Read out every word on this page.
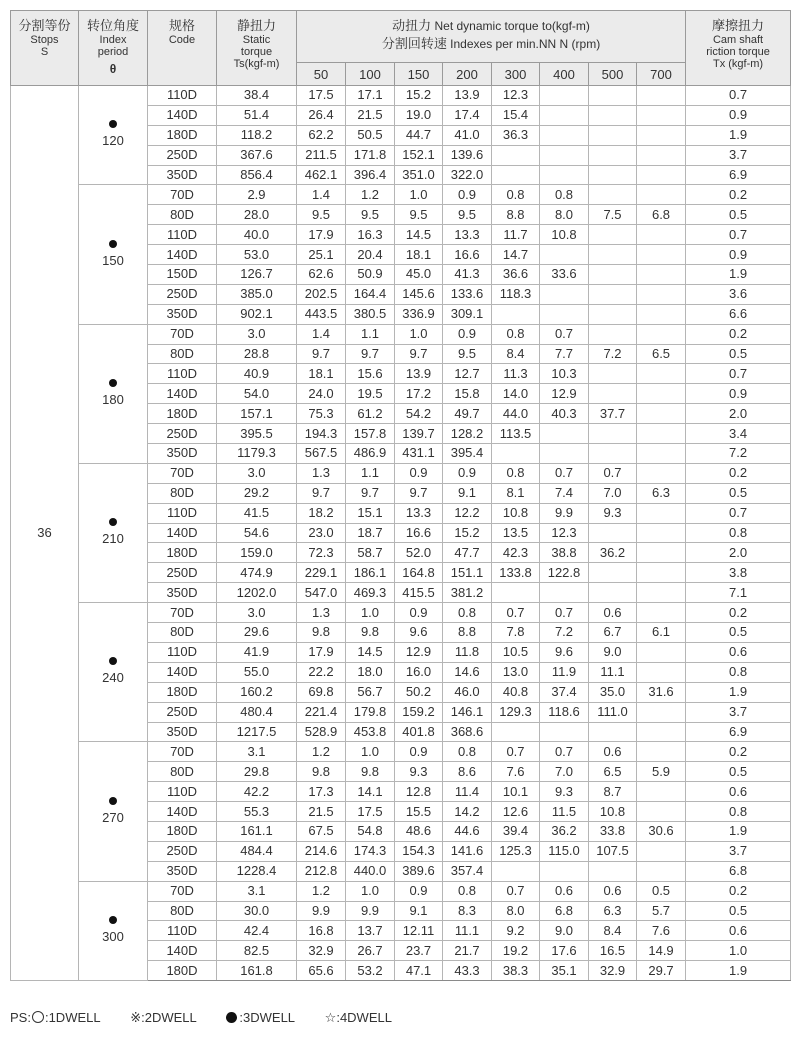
分割等份
Stops
S	转位角度
Index
period
θ	规格
Code	静扭力
Static
torque
Ts(kgf-m)	动扭力 Net dynamic torque to(kgf-m)
分割回转速 Indexes per min.NN N (rpm)								摩擦扭力
Cam shaft
riction torque
Tx (kgf-m)

				50	100	150	200	300	400	500	700	
36	120	110D	38.4	17.5	17.1	15.2	13.9	12.3				0.7
		140D	51.4	26.4	21.5	19.0	17.4	15.4				0.9
		180D	118.2	62.2	50.5	44.7	41.0	36.3				1.9
		250D	367.6	211.5	171.8	152.1	139.6					3.7
		350D	856.4	462.1	396.4	351.0	322.0					6.9

150	70D	2.9	1.4	1.2	1.0	0.9	0.8	0.8			0.2
		80D	28.0	9.5	9.5	9.5	9.5	8.8	8.0	7.5	6.8	0.5
		110D	40.0	17.9	16.3	14.5	13.3	11.7	10.8			0.7
		140D	53.0	25.1	20.4	18.1	16.6	14.7				0.9
		150D	126.7	62.6	50.9	45.0	41.3	36.6	33.6			1.9
		250D	385.0	202.5	164.4	145.6	133.6	118.3				3.6
		350D	902.1	443.5	380.5	336.9	309.1					6.6

180	70D	3.0	1.4	1.1	1.0	0.9	0.8	0.7			0.2
		80D	28.8	9.7	9.7	9.7	9.5	8.4	7.7	7.2	6.5	0.5
		110D	40.9	18.1	15.6	13.9	12.7	11.3	10.3			0.7
		140D	54.0	24.0	19.5	17.2	15.8	14.0	12.9			0.9
		180D	157.1	75.3	61.2	54.2	49.7	44.0	40.3	37.7		2.0
		250D	395.5	194.3	157.8	139.7	128.2	113.5				3.4
		350D	1179.3	567.5	486.9	431.1	395.4					7.2

210	70D	3.0	1.3	1.1	0.9	0.9	0.8	0.7	0.7		0.2
		80D	29.2	9.7	9.7	9.7	9.1	8.1	7.4	7.0	6.3	0.5
		110D	41.5	18.2	15.1	13.3	12.2	10.8	9.9	9.3		0.7
		140D	54.6	23.0	18.7	16.6	15.2	13.5	12.3			0.8
		180D	159.0	72.3	58.7	52.0	47.7	42.3	38.8	36.2		2.0
		250D	474.9	229.1	186.1	164.8	151.1	133.8	122.8			3.8
		350D	1202.0	547.0	469.3	415.5	381.2					7.1

240	70D	3.0	1.3	1.0	0.9	0.8	0.7	0.7	0.6		0.2
		80D	29.6	9.8	9.8	9.6	8.8	7.8	7.2	6.7	6.1	0.5
		110D	41.9	17.9	14.5	12.9	11.8	10.5	9.6	9.0		0.6
		140D	55.0	22.2	18.0	16.0	14.6	13.0	11.9	11.1		0.8
		180D	160.2	69.8	56.7	50.2	46.0	40.8	37.4	35.0	31.6	1.9
		250D	480.4	221.4	179.8	159.2	146.1	129.3	118.6	111.0		3.7
		350D	1217.5	528.9	453.8	401.8	368.6					6.9

270	70D	3.1	1.2	1.0	0.9	0.8	0.7	0.7	0.6		0.2
		80D	29.8	9.8	9.8	9.3	8.6	7.6	7.0	6.5	5.9	0.5
		110D	42.2	17.3	14.1	12.8	11.4	10.1	9.3	8.7		0.6
		140D	55.3	21.5	17.5	15.5	14.2	12.6	11.5	10.8		0.8
		180D	161.1	67.5	54.8	48.6	44.6	39.4	36.2	33.8	30.6	1.9
		250D	484.4	214.6	174.3	154.3	141.6	125.3	115.0	107.5		3.7
		350D	1228.4	212.8	440.0	389.6	357.4					6.8

300	70D	3.1	1.2	1.0	0.9	0.8	0.7	0.6	0.6	0.5	0.2
		80D	30.0	9.9	9.9	9.1	8.3	8.0	6.8	6.3	5.7	0.5
		110D	42.4	16.8	13.7	12.11	11.1	9.2	9.0	8.4	7.6	0.6
		140D	82.5	32.9	26.7	23.7	21.7	19.2	17.6	16.5	14.9	1.0
		180D	161.8	65.6	53.2	47.1	43.3	38.3	35.1	32.9	29.7	1.9
PS: :1DWELL ※:2DWELL	:3DWELL ☆:4DWELL
